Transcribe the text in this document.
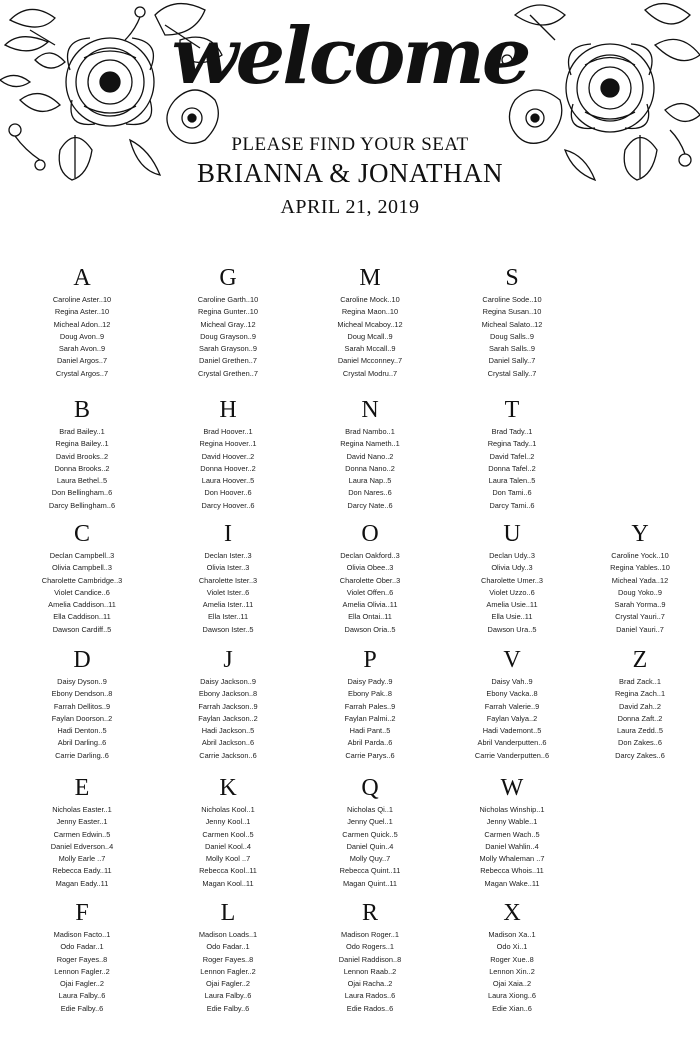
welcome
PLEASE FIND YOUR SEAT
BRIANNA & JONATHAN
APRIL 21, 2019
A
Caroline Aster..10
Regina Aster..10
Micheal Adon..12
Doug Avon..9
Sarah Avon..9
Daniel Argos..7
Crystal Argos..7
G
Caroline Garth..10
Regina Gunter..10
Micheal Gray..12
Doug Grayson..9
Sarah Grayson..9
Daniel Grethen..7
Crystal Grethen..7
M
Caroline Mock..10
Regina Maon..10
Micheal Mcaboy..12
Doug Mcall..9
Sarah Mccall..9
Daniel Mcconney..7
Crystal Modru..7
S
Caroline Sode..10
Regina Susan..10
Micheal Salato..12
Doug Salls..9
Sarah Salls..9
Daniel Sally..7
Crystal Sally..7
B
Brad Bailey..1
Regina Bailey..1
David Brooks..2
Donna Brooks..2
Laura Bethel..5
Don Bellingham..6
Darcy Bellingham..6
H
Brad Hoover..1
Regina Hoover..1
David Hoover..2
Donna Hoover..2
Laura Hoover..5
Don Hoover..6
Darcy Hoover..6
N
Brad Nambo..1
Regina Nameth..1
David Nano..2
Donna Nano..2
Laura Nap..5
Don Nares..6
Darcy Nate..6
T
Brad Tady..1
Regina Tady..1
David Tafel..2
Donna Tafel..2
Laura Talen..5
Don Tami..6
Darcy Tami..6
C
Declan Campbell..3
Olivia Campbell..3
Charolette Cambridge..3
Violet Candice..6
Amelia Caddison..11
Ella Caddison..11
Dawson Cardiff..5
I
Declan Ister..3
Olivia Ister..3
Charolette Ister..3
Violet Ister..6
Amelia Ister..11
Ella Ister..11
Dawson Ister..5
O
Declan Oakford..3
Olivia Obee..3
Charolette Ober..3
Violet Offen..6
Amelia Olivia..11
Ella Ontai..11
Dawson Oria..5
U
Declan Udy..3
Olivia Udy..3
Charolette Umer..3
Violet Uzzo..6
Amelia Usie..11
Ella Usie..11
Dawson Ura..5
Y
Caroline Yock..10
Regina Yables..10
Micheal Yada..12
Doug Yoko..9
Sarah Yorma..9
Crystal Yauri..7
Daniel Yauri..7
D
Daisy Dyson..9
Ebony Dendson..8
Farrah Dellitos..9
Faylan Doorson..2
Hadi Denton..5
Abril Darling..6
Carrie Darling..6
J
Daisy Jackson..9
Ebony Jackson..8
Farrah Jackson..9
Faylan Jackson..2
Hadi Jackson..5
Abril Jackson..6
Carrie Jackson..6
P
Daisy Pady..9
Ebony Pak..8
Farrah Pales..9
Faylan Palmi..2
Hadi Pant..5
Abril Parda..6
Carrie Parys..6
V
Daisy Vah..9
Ebony Vacka..8
Farrah Valerie..9
Faylan Valya..2
Hadi Vademont..5
Abril Vanderputten..6
Carrie Vanderputten..6
Z
Brad Zack..1
Regina Zach..1
David Zah..2
Donna Zaft..2
Laura Zedd..5
Don Zakes..6
Darcy Zakes..6
E
Nicholas Easter..1
Jenny Easter..1
Carmen Edwin..5
Daniel Edverson..4
Molly Earle ..7
Rebecca Eady..11
Magan Eady..11
K
Nicholas Kool..1
Jenny Kool..1
Carmen Kool..5
Daniel Kool..4
Molly Kool ..7
Rebecca Kool..11
Magan Kool..11
Q
Nicholas Qi..1
Jenny Quel..1
Carmen Quick..5
Daniel Quin..4
Molly Quy..7
Rebecca Quint..11
Magan Quint..11
W
Nicholas Winship..1
Jenny Wable..1
Carmen Wach..5
Daniel Wahlin..4
Molly Whaleman ..7
Rebecca Whois..11
Magan Wake..11
F
Madison Facto..1
Odo Fadar..1
Roger Fayes..8
Lennon Fagler..2
Ojai Fagler..2
Laura Falby..6
Edie Falby..6
L
Madison Loads..1
Odo Fadar..1
Roger Fayes..8
Lennon Fagler..2
Ojai Fagler..2
Laura Falby..6
Edie Falby..6
R
Madison Roger..1
Odo Rogers..1
Daniel Raddison..8
Lennon Raab..2
Ojai Racha..2
Laura Rados..6
Edie Rados..6
X
Madison Xa..1
Odo Xi..1
Roger Xue..8
Lennon Xin..2
Ojai Xaia..2
Laura Xiong..6
Edie Xian..6
